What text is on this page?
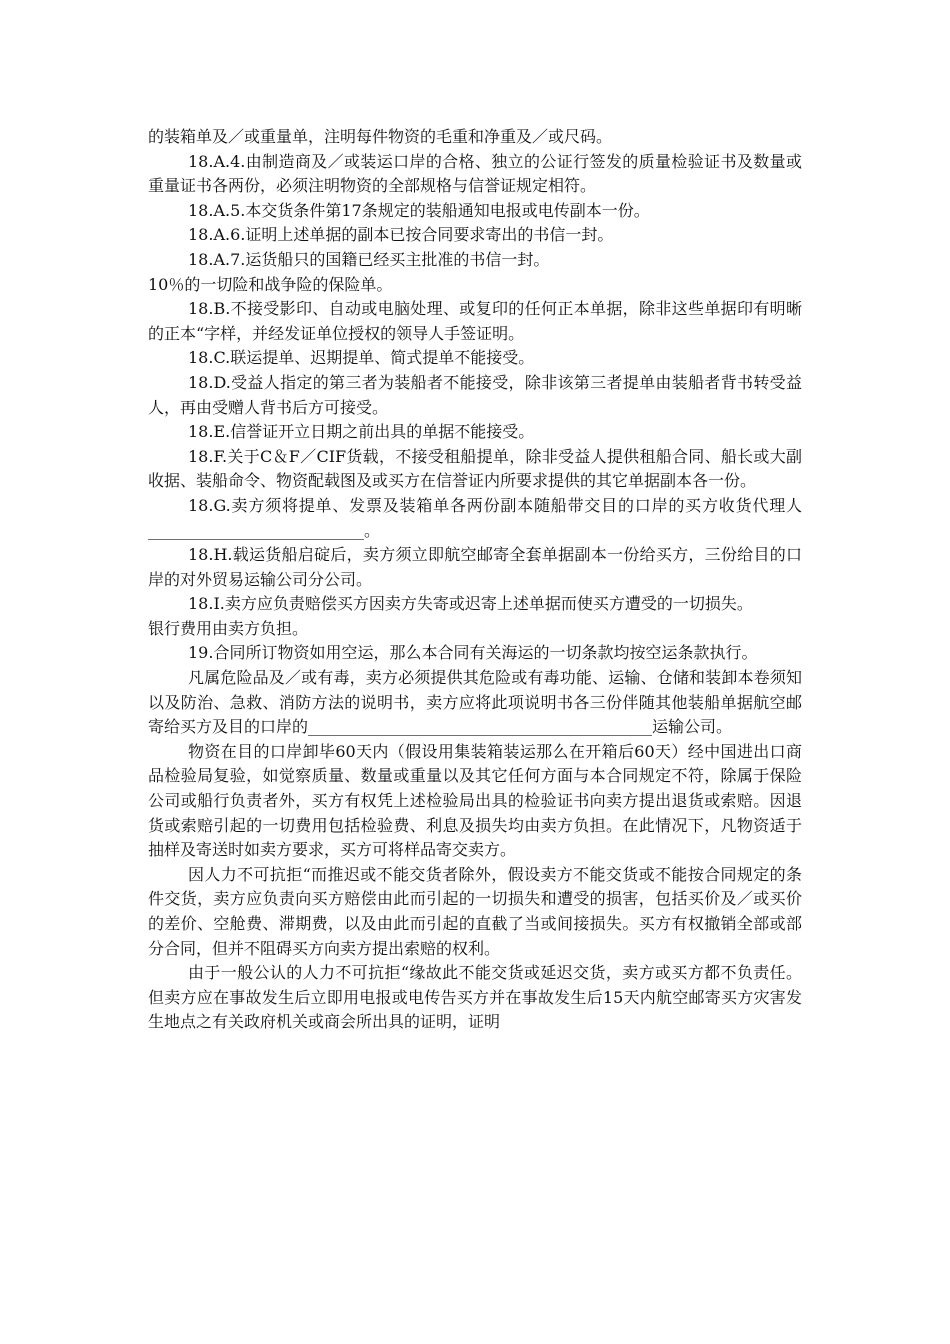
的装箱单及／或重量单，注明每件物资的毛重和净重及／或尺码。

18.A.4.由制造商及／或装运口岸的合格、独立的公证行签发的质量检验证书及数量或重量证书各两份，必须注明物资的全部规格与信誉证规定相符。

18.A.5.本交货条件第17条规定的装船通知电报或电传副本一份。

18.A.6.证明上述单据的副本已按合同要求寄出的书信一封。

18.A.7.运货船只的国籍已经买主批准的书信一封。

10％的一切险和战争险的保险单。

18.B.不接受影印、自动或电脑处理、或复印的任何正本单据，除非这些单据印有明晰的正本“字样，并经发证单位授权的领导人手签证明。

18.C.联运提单、迟期提单、简式提单不能接受。

18.D.受益人指定的第三者为装船者不能接受，除非该第三者提单由装船者背书转受益人，再由受赠人背书后方可接受。

18.E.信誉证开立日期之前出具的单据不能接受。

18.F.关于C＆F／CIF货载，不接受租船提单，除非受益人提供租船合同、船长或大副收据、装船命令、物资配载图及或买方在信誉证内所要求提供的其它单据副本各一份。

18.G.卖方须将提单、发票及装箱单各两份副本随船带交目的口岸的买方收货代理人___________________________。

18.H.载运货船启碇后，卖方须立即航空邮寄全套单据副本一份给买方，三份给目的口岸的对外贸易运输公司分公司。

18.I.卖方应负责赔偿买方因卖方失寄或迟寄上述单据而使买方遭受的一切损失。

银行费用由卖方负担。

19.合同所订物资如用空运，那么本合同有关海运的一切条款均按空运条款执行。

凡属危险品及／或有毒，卖方必须提供其危险或有毒功能、运输、仓储和装卸本卷须知以及防治、急救、消防方法的说明书，卖方应将此项说明书各三份伴随其他装船单据航空邮寄给买方及目的口岸的___________________________________________运输公司。

物资在目的口岸卸毕60天内（假设用集装箱装运那么在开箱后60天）经中国进出口商品检验局复验，如觉察质量、数量或重量以及其它任何方面与本合同规定不符，除属于保险公司或船行负责者外，买方有权凭上述检验局出具的检验证书向卖方提出退货或索赔。因退货或索赔引起的一切费用包括检验费、利息及损失均由卖方负担。在此情况下，凡物资适于抽样及寄送时如卖方要求，买方可将样品寄交卖方。

因人力不可抗拒“而推迟或不能交货者除外，假设卖方不能交货或不能按合同规定的条件交货，卖方应负责向买方赔偿由此而引起的一切损失和遭受的损害，包括买价及／或买价的差价、空舱费、滞期费，以及由此而引起的直截了当或间接损失。买方有权撤销全部或部分合同，但并不阻碍买方向卖方提出索赔的权利。

由于一般公认的人力不可抗拒“缘故此不能交货或延迟交货，卖方或买方都不负责任。但卖方应在事故发生后立即用电报或电传告买方并在事故发生后15天内航空邮寄买方灾害发生地点之有关政府机关或商会所出具的证明，证明
